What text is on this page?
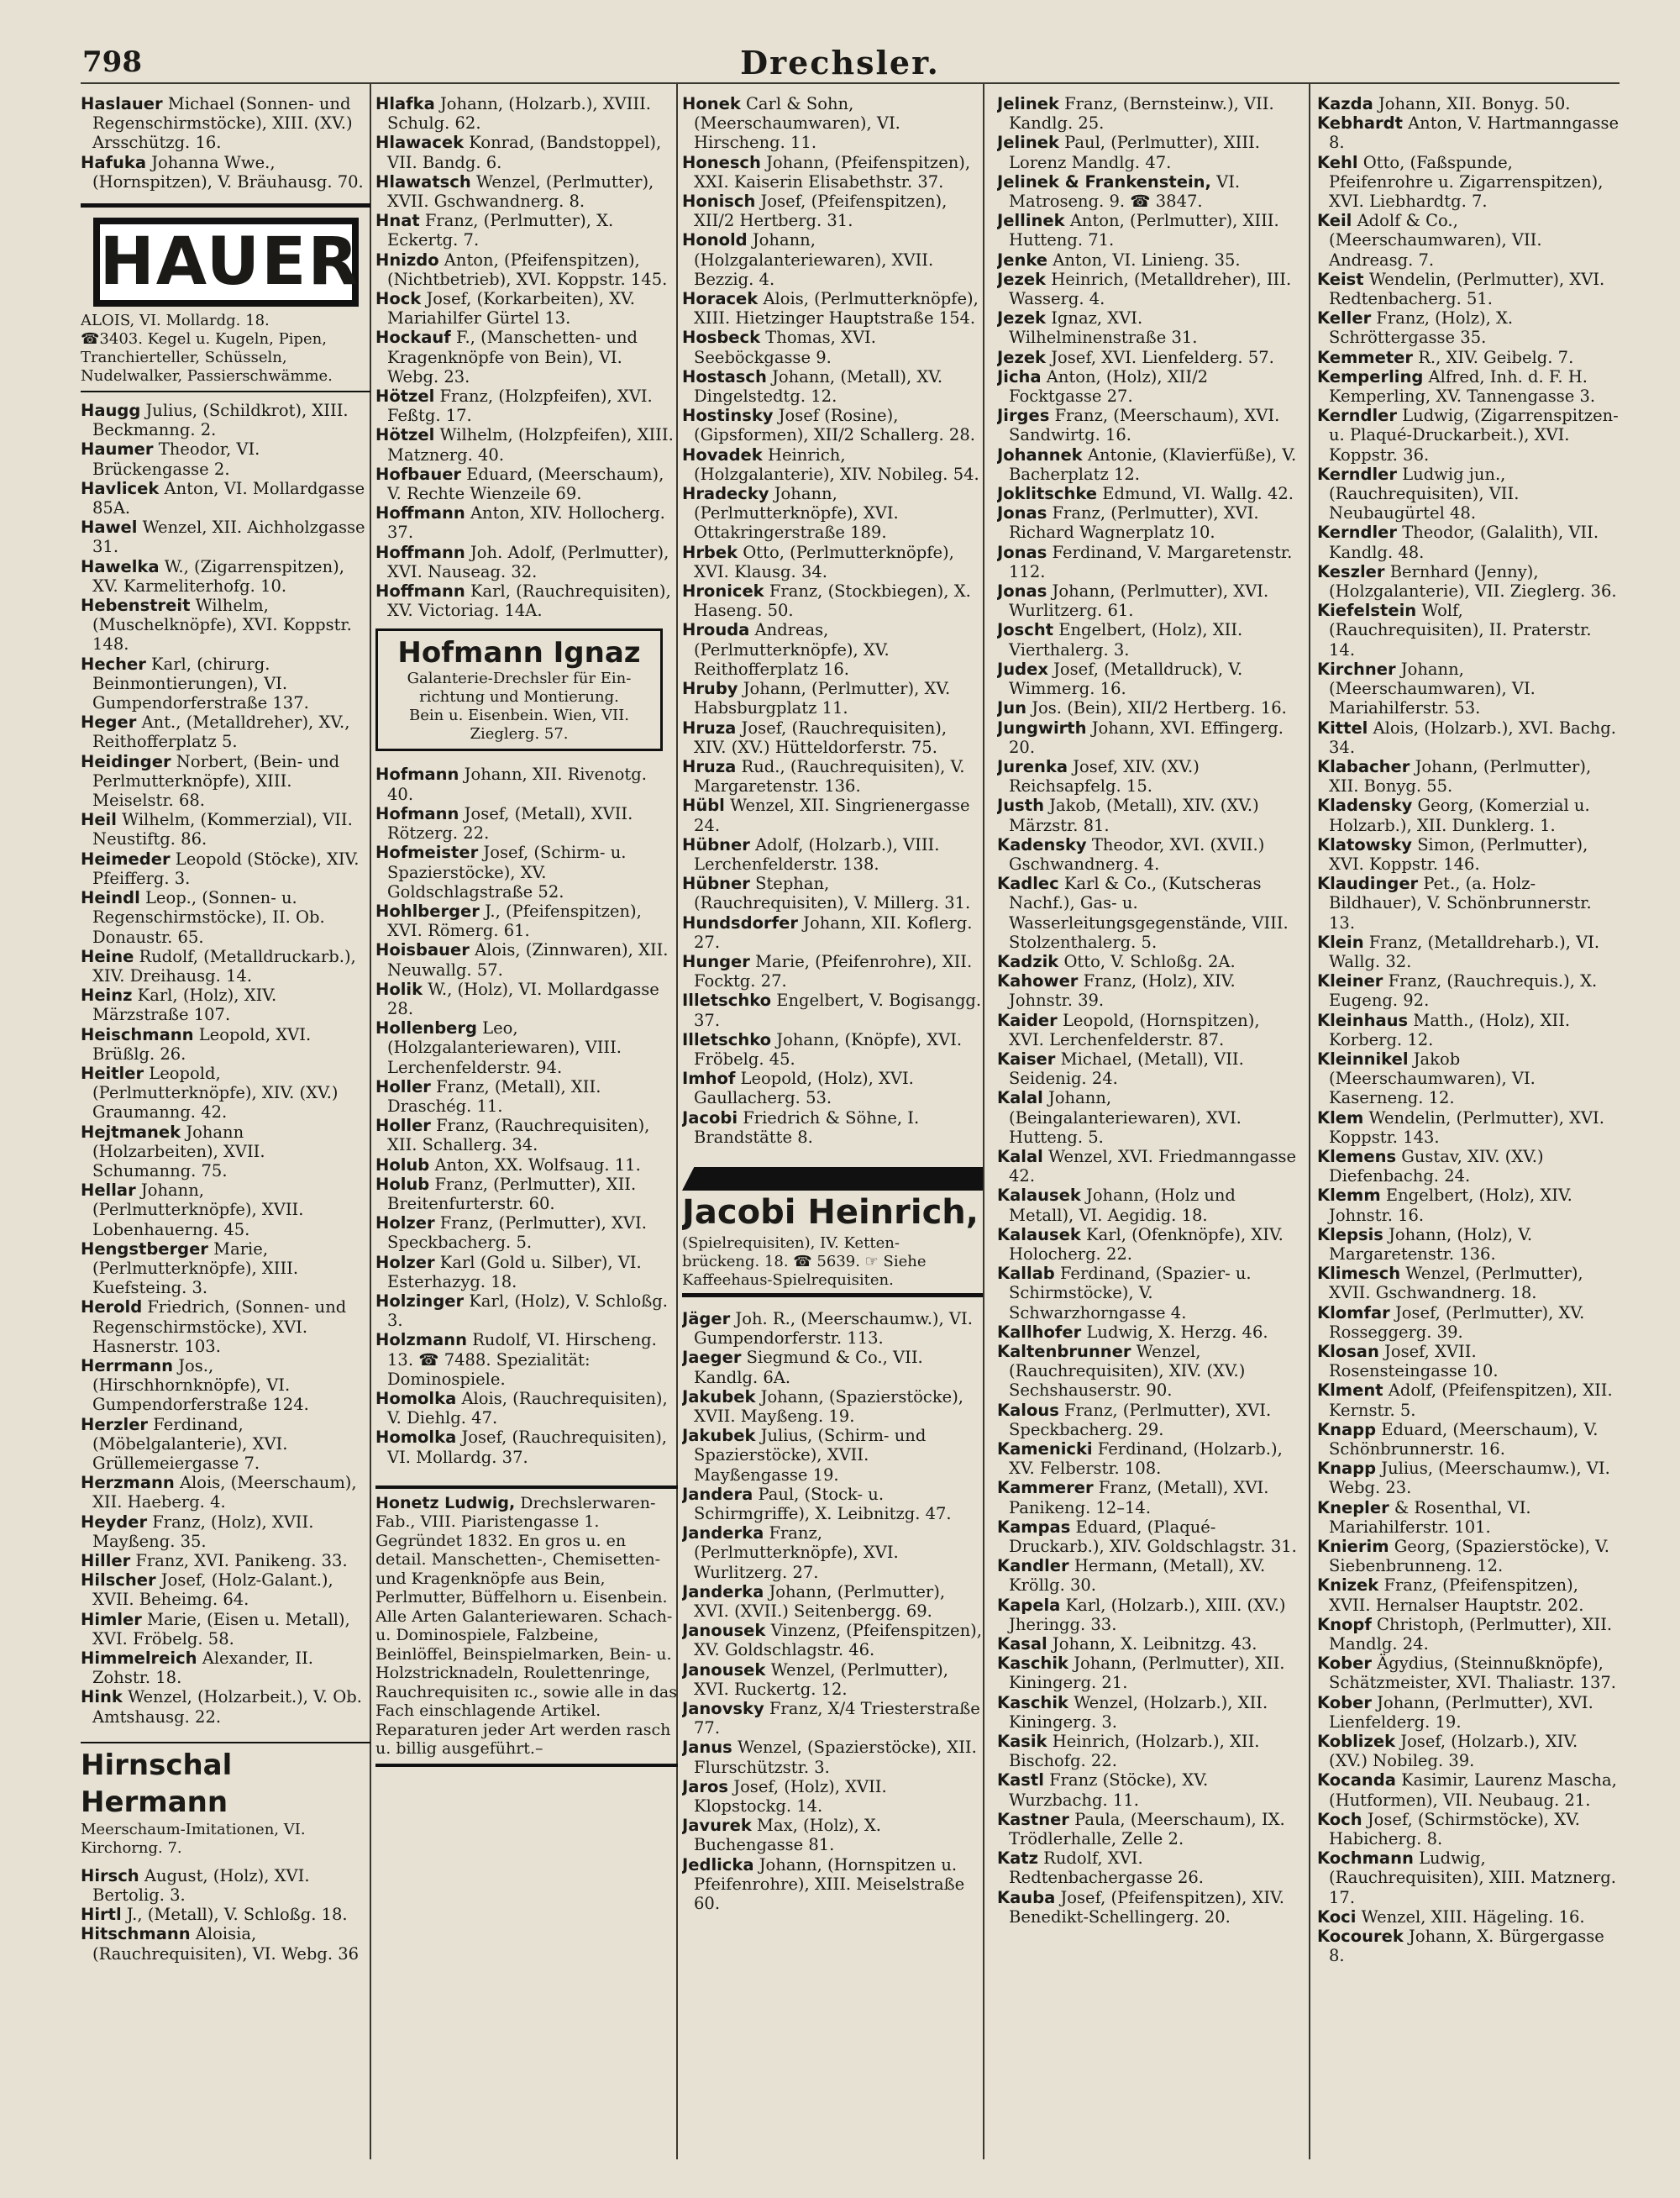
798	Drechsler.
Haslauer Michael (Sonnen- und Regenschirmstöcke), XIII. (XV.) Arsschützg. 16.
Hafuka Johanna Wwe., (Hornspitzen), V. Bräuhausg. 70.
HAUER
ALOIS, VI. Mollardg. 18.
☎3403. Kegel u. Kugeln, Pipen,
Tranchierteller, Schüsseln,
Nudelwalker, Passierschwämme.
Haugg Julius, (Schildkrot), XIII. Beckmanng. 2.
Haumer Theodor, VI. Brückengasse 2.
Havlicek Anton, VI. Mollardgasse 85A.
Hawel Wenzel, XII. Aichholzgasse 31.
Hawelka W., (Zigarrenspitzen), XV. Karmeliterhofg. 10.
Hebenstreit Wilhelm, (Muschelknöpfe), XVI. Koppstr. 148.
Hecher Karl, (chirurg. Beinmontierungen), VI. Gumpendorferstraße 137.
Heger Ant., (Metalldreher), XV., Reithofferplatz 5.
Heidinger Norbert, (Bein- und Perlmutterknöpfe), XIII. Meiselstr. 68.
Heil Wilhelm, (Kommerzial), VII. Neustiftg. 86.
Heimeder Leopold (Stöcke), XIV. Pfeifferg. 3.
Heindl Leop., (Sonnen- u. Regenschirmstöcke), II. Ob. Donaustr. 65.
Heine Rudolf, (Metalldruckarb.), XIV. Dreihausg. 14.
Heinz Karl, (Holz), XIV. Märzstraße 107.
Heischmann Leopold, XVI. Brüßlg. 26.
Heitler Leopold, (Perlmutterknöpfe), XIV. (XV.) Graumanng. 42.
Hejtmanek Johann (Holzarbeiten), XVII. Schumanng. 75.
Hellar Johann, (Perlmutterknöpfe), XVII. Lobenhauerng. 45.
Hengstberger Marie, (Perlmutterknöpfe), XIII. Kuefsteing. 3.
Herold Friedrich, (Sonnen- und Regenschirmstöcke), XVI. Hasnerstr. 103.
Herrmann Jos., (Hirschhornknöpfe), VI. Gumpendorferstraße 124.
Herzler Ferdinand, (Möbelgalanterie), XVI. Grüllemeiergasse 7.
Herzmann Alois, (Meerschaum), XII. Haeberg. 4.
Heyder Franz, (Holz), XVII. Mayßeng. 35.
Hiller Franz, XVI. Panikeng. 33.
Hilscher Josef, (Holz-Galant.), XVII. Beheimg. 64.
Himler Marie, (Eisen u. Metall), XVI. Fröbelg. 58.
Himmelreich Alexander, II. Zohstr. 18.
Hink Wenzel, (Holzarbeit.), V. Ob. Amtshausg. 22.
Hirnschal Hermann
Meerschaum-Imitationen, VI.
Kirchorng. 7.
Hirsch August, (Holz), XVI. Bertolig. 3.
Hirtl J., (Metall), V. Schloßg. 18.
Hitschmann Aloisia, (Rauchrequisiten), VI. Webg. 36
Hlafka Johann, (Holzarb.), XVIII. Schulg. 62.
Hlawacek Konrad, (Bandstoppel), VII. Bandg. 6.
Hlawatsch Wenzel, (Perlmutter), XVII. Gschwandnerg. 8.
Hnat Franz, (Perlmutter), X. Eckertg. 7.
Hnizdo Anton, (Pfeifenspitzen), (Nichtbetrieb), XVI. Koppstr. 145.
Hock Josef, (Korkarbeiten), XV. Mariahilfer Gürtel 13.
Hockauf F., (Manschetten- und Kragenknöpfe von Bein), VI. Webg. 23.
Hötzel Franz, (Holzpfeifen), XVI. Feßtg. 17.
Hötzel Wilhelm, (Holzpfeifen), XIII. Matznerg. 40.
Hofbauer Eduard, (Meerschaum), V. Rechte Wienzeile 69.
Hoffmann Anton, XIV. Hollocherg. 37.
Hoffmann Joh. Adolf, (Perlmutter), XVI. Nauseag. 32.
Hoffmann Karl, (Rauchrequisiten), XV. Victoriag. 14A.
Hofmann Ignaz
Galanterie-Drechsler für Ein-
richtung und Montierung.
Bein u. Eisenbein. Wien, VII.
Zieglerg. 57.
Hofmann Johann, XII. Rivenotg. 40.
Hofmann Josef, (Metall), XVII. Rötzerg. 22.
Hofmeister Josef, (Schirm- u. Spazierstöcke), XV. Goldschlagstraße 52.
Hohlberger J., (Pfeifenspitzen), XVI. Römerg. 61.
Hoisbauer Alois, (Zinnwaren), XII. Neuwallg. 57.
Holik W., (Holz), VI. Mollardgasse 28.
Hollenberg Leo, (Holzgalanteriewaren), VIII. Lerchenfelderstr. 94.
Holler Franz, (Metall), XII. Draschég. 11.
Holler Franz, (Rauchrequisiten), XII. Schallerg. 34.
Holub Anton, XX. Wolfsaug. 11.
Holub Franz, (Perlmutter), XII. Breitenfurterstr. 60.
Holzer Franz, (Perlmutter), XVI. Speckbacherg. 5.
Holzer Karl (Gold u. Silber), VI. Esterhazyg. 18.
Holzinger Karl, (Holz), V. Schloßg. 3.
Holzmann Rudolf, VI. Hirscheng. 13. ☎ 7488. Spezialität: Dominospiele.
Homolka Alois, (Rauchrequisiten), V. Diehlg. 47.
Homolka Josef, (Rauchrequisiten), VI. Mollardg. 37.
Honetz Ludwig, Drechslerwaren-Fab., VIII. Piaristengasse 1. Gegründet 1832. En gros u. en detail. Manschetten-, Chemisetten- und Kragenknöpfe aus Bein, Perlmutter, Büffelhorn u. Eisenbein. Alle Arten Galanteriewaren. Schach- u. Dominospiele, Falzbeine, Beinlöffel, Beinspielmarken, Bein- u. Holzstricknadeln, Roulettenringe, Rauchrequisiten ɪc., sowie alle in das Fach einschlagende Artikel. Reparaturen jeder Art werden rasch u. billig ausgeführt.–
Honek Carl & Sohn, (Meerschaumwaren), VI. Hirscheng. 11.
Honesch Johann, (Pfeifenspitzen), XXI. Kaiserin Elisabethstr. 37.
Honisch Josef, (Pfeifenspitzen), XII/2 Hertberg. 31.
Honold Johann, (Holzgalanteriewaren), XVII. Bezzig. 4.
Horacek Alois, (Perlmutterknöpfe), XIII. Hietzinger Hauptstraße 154.
Hosbeck Thomas, XVI. Seeböckgasse 9.
Hostasch Johann, (Metall), XV. Dingelstedtg. 12.
Hostinsky Josef (Rosine), (Gipsformen), XII/2 Schallerg. 28.
Hovadek Heinrich, (Holzgalanterie), XIV. Nobileg. 54.
Hradecky Johann, (Perlmutterknöpfe), XVI. Ottakringerstraße 189.
Hrbek Otto, (Perlmutterknöpfe), XVI. Klausg. 34.
Hronicek Franz, (Stockbiegen), X. Haseng. 50.
Hrouda Andreas, (Perlmutterknöpfe), XV. Reithofferplatz 16.
Hruby Johann, (Perlmutter), XV. Habsburgplatz 11.
Hruza Josef, (Rauchrequisiten), XIV. (XV.) Hütteldorferstr. 75.
Hruza Rud., (Rauchrequisiten), V. Margaretenstr. 136.
Hübl Wenzel, XII. Singrienergasse 24.
Hübner Adolf, (Holzarb.), VIII. Lerchenfelderstr. 138.
Hübner Stephan, (Rauchrequisiten), V. Millerg. 31.
Hundsdorfer Johann, XII. Koflerg. 27.
Hunger Marie, (Pfeifenrohre), XII. Focktg. 27.
Illetschko Engelbert, V. Bogisangg. 37.
Illetschko Johann, (Knöpfe), XVI. Fröbelg. 45.
Imhof Leopold, (Holz), XVI. Gaullacherg. 53.
Jacobi Friedrich & Söhne, I. Brandstätte 8.
Jacobi Heinrich,
(Spielrequisiten), IV. Ketten-
brückeng. 18. ☎ 5639. ☞ Siehe
Kaffeehaus-Spielrequisiten.
Jäger Joh. R., (Meerschaumw.), VI. Gumpendorferstr. 113.
Jaeger Siegmund & Co., VII. Kandlg. 6A.
Jakubek Johann, (Spazierstöcke), XVII. Mayßeng. 19.
Jakubek Julius, (Schirm- und Spazierstöcke), XVII. Mayßengasse 19.
Jandera Paul, (Stock- u. Schirmgriffe), X. Leibnitzg. 47.
Janderka Franz, (Perlmutterknöpfe), XVI. Wurlitzerg. 27.
Janderka Johann, (Perlmutter), XVI. (XVII.) Seitenbergg. 69.
Janousek Vinzenz, (Pfeifenspitzen), XV. Goldschlagstr. 46.
Janousek Wenzel, (Perlmutter), XVI. Ruckertg. 12.
Janovsky Franz, X/4 Triesterstraße 77.
Janus Wenzel, (Spazierstöcke), XII. Flurschützstr. 3.
Jaros Josef, (Holz), XVII. Klopstockg. 14.
Javurek Max, (Holz), X. Buchengasse 81.
Jedlicka Johann, (Hornspitzen u. Pfeifenrohre), XIII. Meiselstraße 60.
Jelinek Franz, (Bernsteinw.), VII. Kandlg. 25.
Jelinek Paul, (Perlmutter), XIII. Lorenz Mandlg. 47.
Jelinek & Frankenstein, VI. Matroseng. 9. ☎ 3847.
Jellinek Anton, (Perlmutter), XIII. Hutteng. 71.
Jenke Anton, VI. Linieng. 35.
Jezek Heinrich, (Metalldreher), III. Wasserg. 4.
Jezek Ignaz, XVI. Wilhelminenstraße 31.
Jezek Josef, XVI. Lienfelderg. 57.
Jicha Anton, (Holz), XII/2 Focktgasse 27.
Jirges Franz, (Meerschaum), XVI. Sandwirtg. 16.
Johannek Antonie, (Klavierfüße), V. Bacherplatz 12.
Joklitschke Edmund, VI. Wallg. 42.
Jonas Franz, (Perlmutter), XVI. Richard Wagnerplatz 10.
Jonas Ferdinand, V. Margaretenstr. 112.
Jonas Johann, (Perlmutter), XVI. Wurlitzerg. 61.
Joscht Engelbert, (Holz), XII. Vierthalerg. 3.
Judex Josef, (Metalldruck), V. Wimmerg. 16.
Jun Jos. (Bein), XII/2 Hertberg. 16.
Jungwirth Johann, XVI. Effingerg. 20.
Jurenka Josef, XIV. (XV.) Reichsapfelg. 15.
Justh Jakob, (Metall), XIV. (XV.) Märzstr. 81.
Kadensky Theodor, XVI. (XVII.) Gschwandnerg. 4.
Kadlec Karl & Co., (Kutscheras Nachf.), Gas- u. Wasserleitungsgegenstände, VIII. Stolzenthalerg. 5.
Kadzik Otto, V. Schloßg. 2A.
Kahower Franz, (Holz), XIV. Johnstr. 39.
Kaider Leopold, (Hornspitzen), XVI. Lerchenfelderstr. 87.
Kaiser Michael, (Metall), VII. Seidenig. 24.
Kalal Johann, (Beingalanteriewaren), XVI. Hutteng. 5.
Kalal Wenzel, XVI. Friedmanngasse 42.
Kalausek Johann, (Holz und Metall), VI. Aegidig. 18.
Kalausek Karl, (Ofenknöpfe), XIV. Holocherg. 22.
Kallab Ferdinand, (Spazier- u. Schirmstöcke), V. Schwarzhorngasse 4.
Kallhofer Ludwig, X. Herzg. 46.
Kaltenbrunner Wenzel, (Rauchrequisiten), XIV. (XV.) Sechshauserstr. 90.
Kalous Franz, (Perlmutter), XVI. Speckbacherg. 29.
Kamenicki Ferdinand, (Holzarb.), XV. Felberstr. 108.
Kammerer Franz, (Metall), XVI. Panikeng. 12–14.
Kampas Eduard, (Plaqué-Druckarb.), XIV. Goldschlagstr. 31.
Kandler Hermann, (Metall), XV. Kröllg. 30.
Kapela Karl, (Holzarb.), XIII. (XV.) Jheringg. 33.
Kasal Johann, X. Leibnitzg. 43.
Kaschik Johann, (Perlmutter), XII. Kiningerg. 21.
Kaschik Wenzel, (Holzarb.), XII. Kiningerg. 3.
Kasik Heinrich, (Holzarb.), XII. Bischofg. 22.
Kastl Franz (Stöcke), XV. Wurzbachg. 11.
Kastner Paula, (Meerschaum), IX. Trödlerhalle, Zelle 2.
Katz Rudolf, XVI. Redtenbachergasse 26.
Kauba Josef, (Pfeifenspitzen), XIV. Benedikt-Schellingerg. 20.
Kazda Johann, XII. Bonyg. 50.
Kebhardt Anton, V. Hartmanngasse 8.
Kehl Otto, (Faßspunde, Pfeifenrohre u. Zigarrenspitzen), XVI. Liebhardtg. 7.
Keil Adolf & Co., (Meerschaumwaren), VII. Andreasg. 7.
Keist Wendelin, (Perlmutter), XVI. Redtenbacherg. 51.
Keller Franz, (Holz), X. Schröttergasse 35.
Kemmeter R., XIV. Geibelg. 7.
Kemperling Alfred, Inh. d. F. H. Kemperling, XV. Tannengasse 3.
Kerndler Ludwig, (Zigarrenspitzen- u. Plaqué-Druckarbeit.), XVI. Koppstr. 36.
Kerndler Ludwig jun., (Rauchrequisiten), VII. Neubaugürtel 48.
Kerndler Theodor, (Galalith), VII. Kandlg. 48.
Keszler Bernhard (Jenny), (Holzgalanterie), VII. Zieglerg. 36.
Kiefelstein Wolf, (Rauchrequisiten), II. Praterstr. 14.
Kirchner Johann, (Meerschaumwaren), VI. Mariahilferstr. 53.
Kittel Alois, (Holzarb.), XVI. Bachg. 34.
Klabacher Johann, (Perlmutter), XII. Bonyg. 55.
Kladensky Georg, (Komerzial u. Holzarb.), XII. Dunklerg. 1.
Klatowsky Simon, (Perlmutter), XVI. Koppstr. 146.
Klaudinger Pet., (a. Holz-Bildhauer), V. Schönbrunnerstr. 13.
Klein Franz, (Metalldreharb.), VI. Wallg. 32.
Kleiner Franz, (Rauchrequis.), X. Eugeng. 92.
Kleinhaus Matth., (Holz), XII. Korberg. 12.
Kleinnikel Jakob (Meerschaumwaren), VI. Kaserneng. 12.
Klem Wendelin, (Perlmutter), XVI. Koppstr. 143.
Klemens Gustav, XIV. (XV.) Diefenbachg. 24.
Klemm Engelbert, (Holz), XIV. Johnstr. 16.
Klepsis Johann, (Holz), V. Margaretenstr. 136.
Klimesch Wenzel, (Perlmutter), XVII. Gschwandnerg. 18.
Klomfar Josef, (Perlmutter), XV. Rosseggerg. 39.
Klosan Josef, XVII. Rosensteingasse 10.
Klment Adolf, (Pfeifenspitzen), XII. Kernstr. 5.
Knapp Eduard, (Meerschaum), V. Schönbrunnerstr. 16.
Knapp Julius, (Meerschaumw.), VI. Webg. 23.
Knepler & Rosenthal, VI. Mariahilferstr. 101.
Knierim Georg, (Spazierstöcke), V. Siebenbrunneng. 12.
Knizek Franz, (Pfeifenspitzen), XVII. Hernalser Hauptstr. 202.
Knopf Christoph, (Perlmutter), XII. Mandlg. 24.
Kober Ägydius, (Steinnußknöpfe), Schätzmeister, XVI. Thaliastr. 137.
Kober Johann, (Perlmutter), XVI. Lienfelderg. 19.
Koblizek Josef, (Holzarb.), XIV. (XV.) Nobileg. 39.
Kocanda Kasimir, Laurenz Mascha, (Hutformen), VII. Neubaug. 21.
Koch Josef, (Schirmstöcke), XV. Habicherg. 8.
Kochmann Ludwig, (Rauchrequisiten), XIII. Matznerg. 17.
Koci Wenzel, XIII. Hägeling. 16.
Kocourek Johann, X. Bürgergasse 8.
